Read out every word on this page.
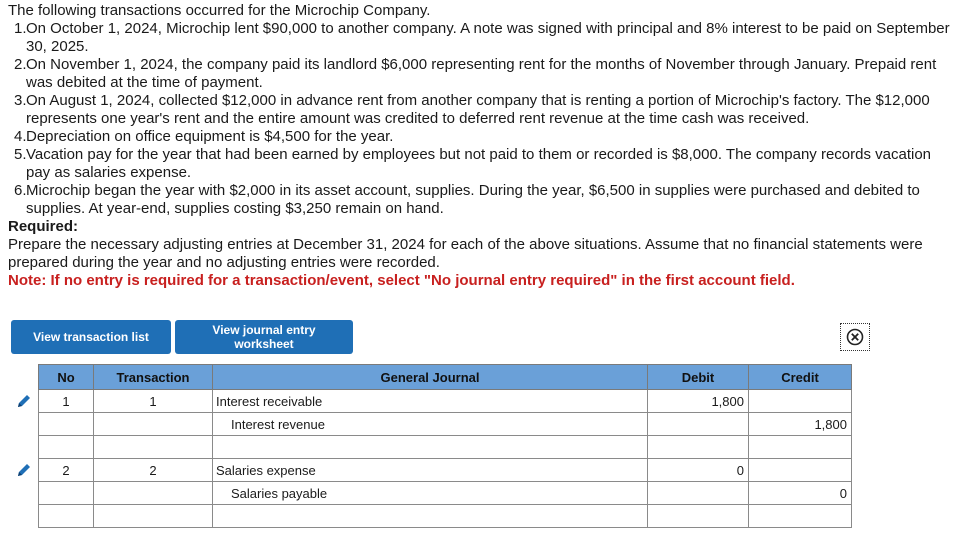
The following transactions occurred for the Microchip Company.

1. On October 1, 2024, Microchip lent $90,000 to another company. A note was signed with principal and 8% interest to be paid on September 30, 2025.
2. On November 1, 2024, the company paid its landlord $6,000 representing rent for the months of November through January. Prepaid rent was debited at the time of payment.
3. On August 1, 2024, collected $12,000 in advance rent from another company that is renting a portion of Microchip's factory. The $12,000 represents one year's rent and the entire amount was credited to deferred rent revenue at the time cash was received.
4. Depreciation on office equipment is $4,500 for the year.
5. Vacation pay for the year that had been earned by employees but not paid to them or recorded is $8,000. The company records vacation pay as salaries expense.
6. Microchip began the year with $2,000 in its asset account, supplies. During the year, $6,500 in supplies were purchased and debited to supplies. At year-end, supplies costing $3,250 remain on hand.

Required:

Prepare the necessary adjusting entries at December 31, 2024 for each of the above situations. Assume that no financial statements were prepared during the year and no adjusting entries were recorded.

Note: If no entry is required for a transaction/event, select "No journal entry required" in the first account field.

View transaction list	View journal entry worksheet
No	Transaction	General Journal	Debit	Credit
1	1	Interest receivable	1,800	
		Interest revenue		1,800

2	2	Salaries expense	0	
		Salaries payable		0
